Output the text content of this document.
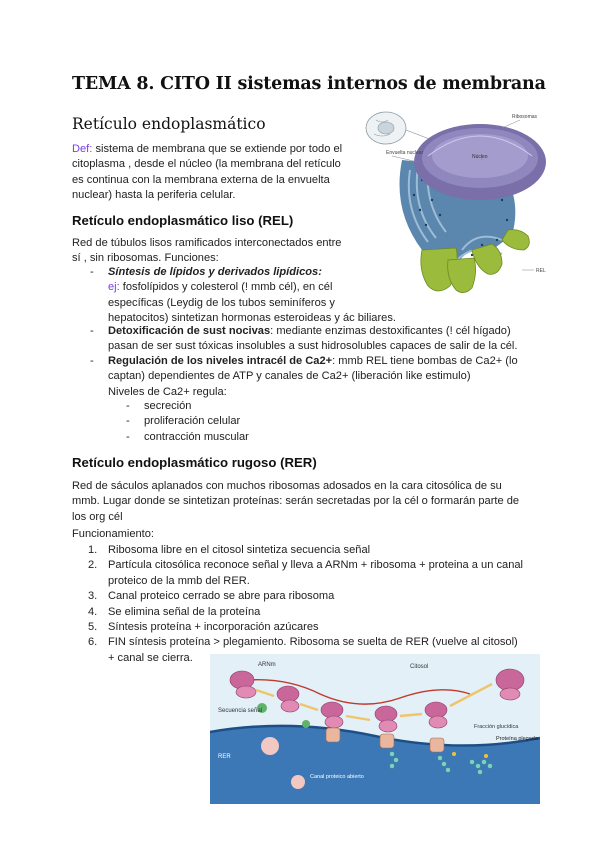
TEMA 8. CITO II sistemas internos de membrana
Retículo endoplasmático
Def: sistema de membrana que se extiende por todo el
citoplasma , desde el núcleo (la membrana del retículo
es continua con la membrana externa de la envuelta
nuclear) hasta la periferia celular.
Retículo endoplasmático liso (REL)
Red de túbulos lisos ramificados interconectados entre
sí , sin ribosomas. Funciones:
- Síntesis de lípidos y derivados lipídicos:
ej: fosfolípidos y colesterol (! mmb cél), en cél
específicas (Leydig de los tubos seminíferos y
hepatocitos) sintetizan hormonas esteroideas y ác biliares.
- Detoxificación de sust nocivas: mediante enzimas destoxificantes (! cél hígado)
pasan de ser sust tóxicas insolubles a sust hidrosolubles capaces de salir de la cél.
- Regulación de los niveles intracél de Ca2+: mmb REL tiene bombas de Ca2+ (lo
captan) dependientes de ATP y canales de Ca2+ (liberación like estimulo)
Niveles de Ca2+ regula:
- secreción
- proliferación celular
- contracción muscular
Retículo endoplasmático rugoso (RER)
Red de sáculos aplanados con muchos ribosomas adosados en la cara citosólica de su
mmb. Lugar donde se sintetizan proteínas: serán secretadas por la cél o formarán parte de
los org cél
Funcionamiento:
1. Ribosoma libre en el citosol sintetiza secuencia señal
2. Partícula citosólica reconoce señal y lleva a ARNm + ribosoma + proteina a un canal
proteico de la mmb del RER.
3. Canal proteico cerrado se abre para ribosoma
4. Se elimina señal de la proteína
5. Síntesis proteína + incorporación azúcares
6. FIN síntesis proteína > plegamiento. Ribosoma se suelta de RER (vuelve al citosol)
+ canal se cierra.
Ribosomas
Envuelta nuclear
Núcleo
REL
RER
ARNm	Citosol
Secuencia señal
Fracción glucídica
Proteína plegada
RER
Canal proteico abierto
